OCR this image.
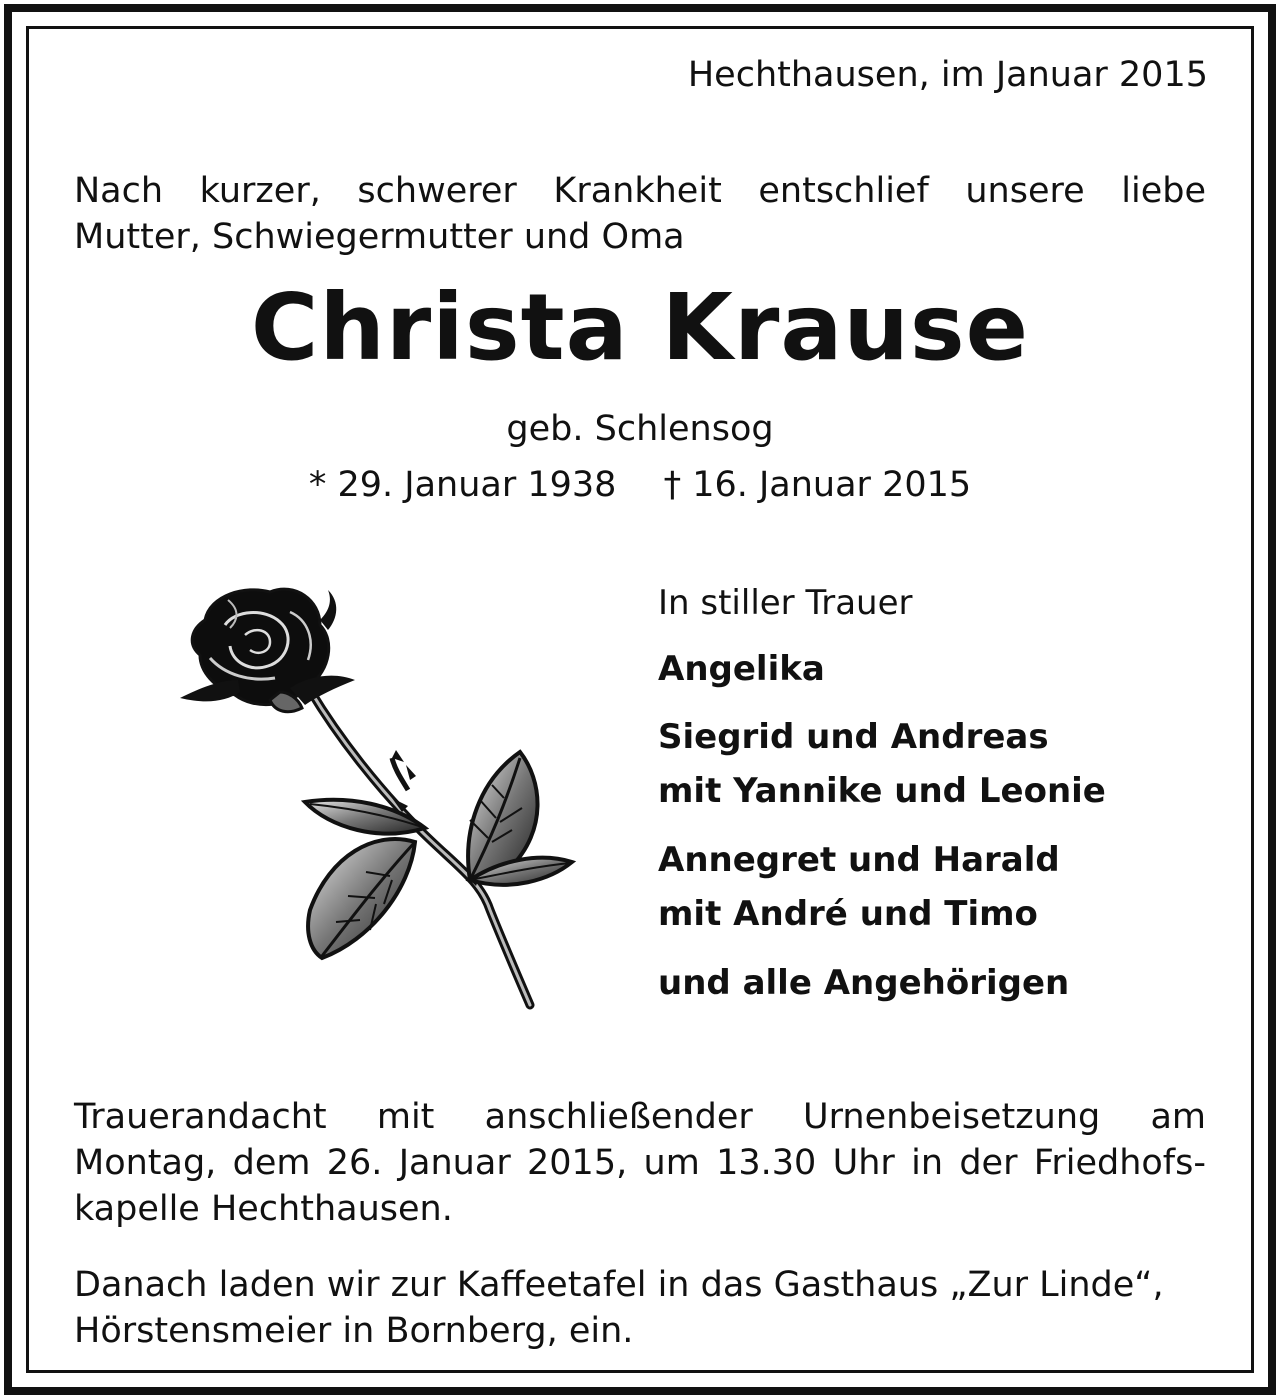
Hechthausen, im Januar 2015
Nach kurzer, schwerer Krankheit entschlief unsere liebe
Mutter, Schwiegermutter und Oma
Christa Krause
geb. Schlensog
* 29. Januar 1938 † 16. Januar 2015
In stiller Trauer
Angelika
Siegrid und Andreas
mit Yannike und Leonie
Annegret und Harald
mit André und Timo
und alle Angehörigen
Trauerandacht mit anschließender Urnenbeisetzung am
Montag, dem 26. Januar 2015, um 13.30 Uhr in der Friedhofs-
kapelle Hechthausen.
Danach laden wir zur Kaffeetafel in das Gasthaus „Zur Linde“,
Hörstensmeier in Bornberg, ein.
